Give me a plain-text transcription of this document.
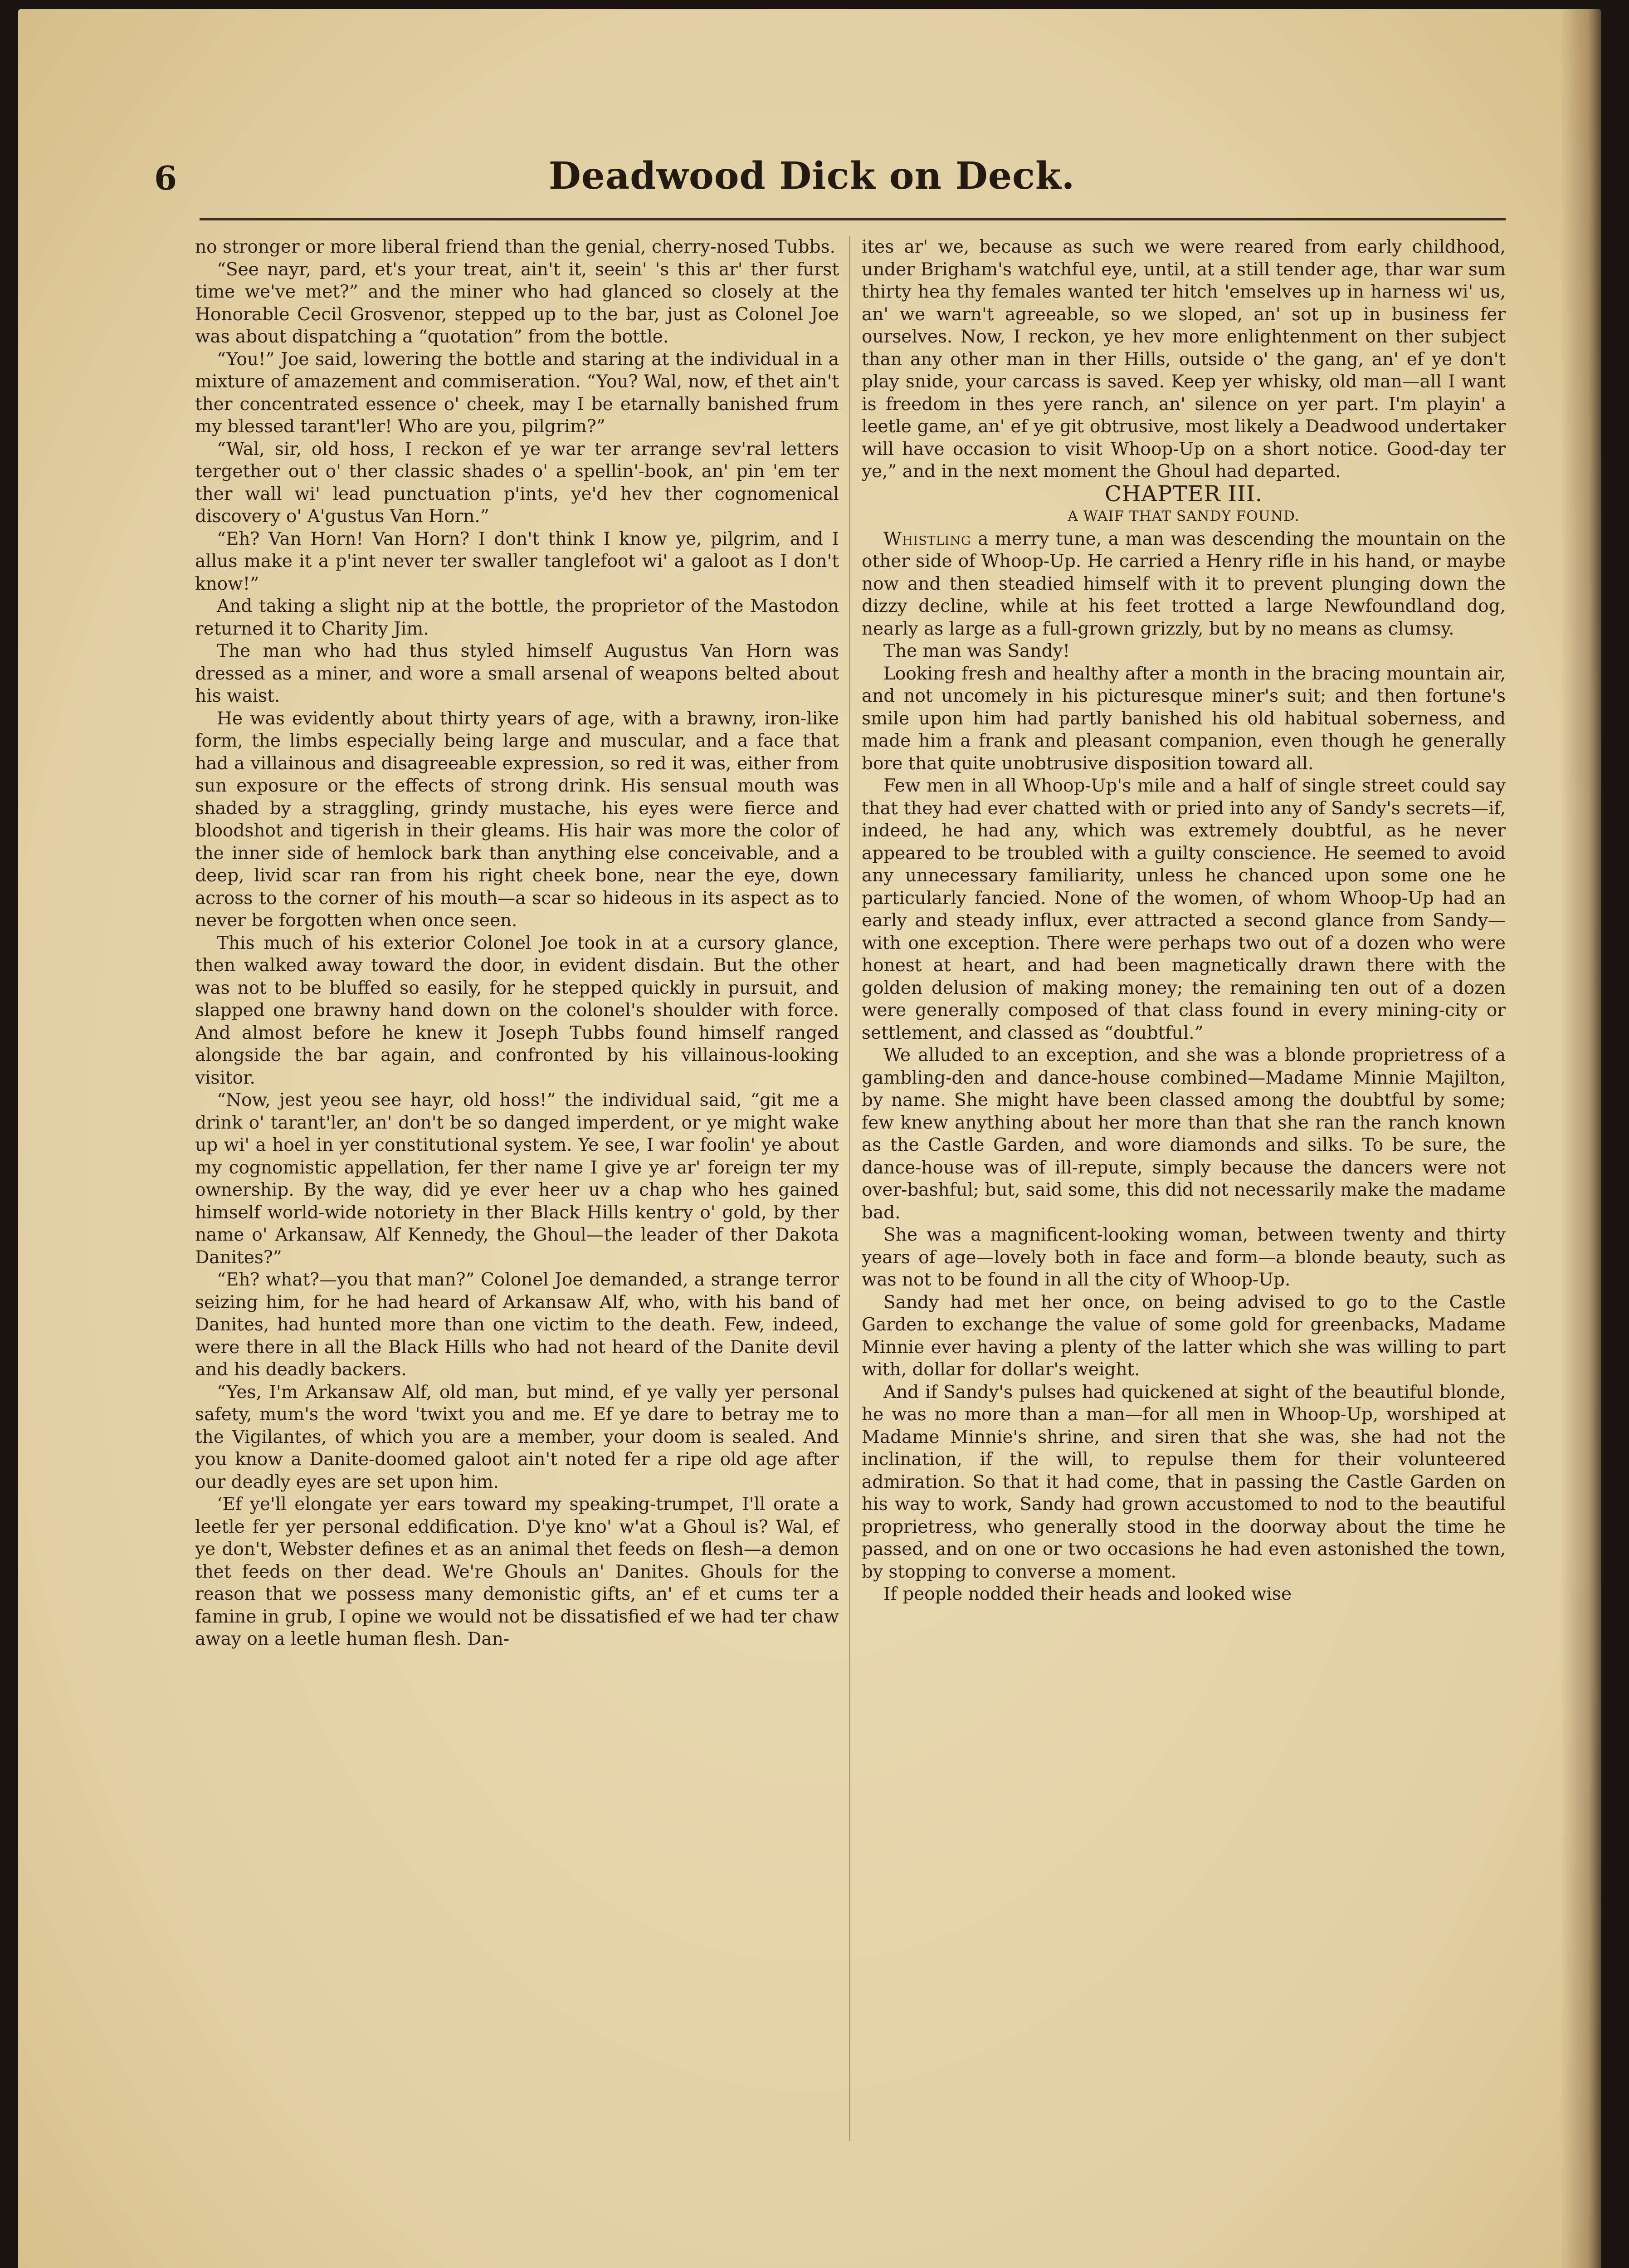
6	Deadwood Dick on Deck.

no stronger or more liberal friend than the genial, cherry-nosed Tubbs.

“See nayr, pard, et's your treat, ain't it, seein' 's this ar' ther furst time we've met?” and the miner who had glanced so closely at the Honorable Cecil Grosvenor, stepped up to the bar, just as Colonel Joe was about dispatching a “quotation” from the bottle.

“You!” Joe said, lowering the bottle and staring at the individual in a mixture of amazement and commiseration. “You? Wal, now, ef thet ain't ther concentrated essence o' cheek, may I be etarnally banished frum my blessed tarant'ler! Who are you, pilgrim?”

“Wal, sir, old hoss, I reckon ef ye war ter arrange sev'ral letters tergether out o' ther classic shades o' a spellin'-book, an' pin 'em ter ther wall wi' lead punctuation p'ints, ye'd hev ther cognomenical discovery o' A'gustus Van Horn.”

“Eh? Van Horn! Van Horn? I don't think I know ye, pilgrim, and I allus make it a p'int never ter swaller tanglefoot wi' a galoot as I don't know!”

And taking a slight nip at the bottle, the proprietor of the Mastodon returned it to Charity Jim.

The man who had thus styled himself Augustus Van Horn was dressed as a miner, and wore a small arsenal of weapons belted about his waist.

He was evidently about thirty years of age, with a brawny, iron-like form, the limbs especially being large and muscular, and a face that had a villainous and disagreeable expression, so red it was, either from sun exposure or the effects of strong drink. His sensual mouth was shaded by a straggling, grindy mustache, his eyes were fierce and bloodshot and tigerish in their gleams. His hair was more the color of the inner side of hemlock bark than anything else conceivable, and a deep, livid scar ran from his right cheek bone, near the eye, down across to the corner of his mouth—a scar so hideous in its aspect as to never be forgotten when once seen.

This much of his exterior Colonel Joe took in at a cursory glance, then walked away toward the door, in evident disdain. But the other was not to be bluffed so easily, for he stepped quickly in pursuit, and slapped one brawny hand down on the colonel's shoulder with force. And almost before he knew it Joseph Tubbs found himself ranged alongside the bar again, and confronted by his villainous-looking visitor.

“Now, jest yeou see hayr, old hoss!” the individual said, “git me a drink o' tarant'ler, an' don't be so danged imperdent, or ye might wake up wi' a hoel in yer constitutional system. Ye see, I war foolin' ye about my cognomistic appellation, fer ther name I give ye ar' foreign ter my ownership. By the way, did ye ever heer uv a chap who hes gained himself world-wide notoriety in ther Black Hills kentry o' gold, by ther name o' Arkansaw, Alf Kennedy, the Ghoul—the leader of ther Dakota Danites?”

“Eh? what?—you that man?” Colonel Joe demanded, a strange terror seizing him, for he had heard of Arkansaw Alf, who, with his band of Danites, had hunted more than one victim to the death. Few, indeed, were there in all the Black Hills who had not heard of the Danite devil and his deadly backers.

“Yes, I'm Arkansaw Alf, old man, but mind, ef ye vally yer personal safety, mum's the word 'twixt you and me. Ef ye dare to betray me to the Vigilantes, of which you are a member, your doom is sealed. And you know a Danite-doomed galoot ain't noted fer a ripe old age after our deadly eyes are set upon him.

‘Ef ye'll elongate yer ears toward my speaking-trumpet, I'll orate a leetle fer yer personal eddification. D'ye kno' w'at a Ghoul is? Wal, ef ye don't, Webster defines et as an animal thet feeds on flesh—a demon thet feeds on ther dead. We're Ghouls an' Danites. Ghouls for the reason that we possess many demonistic gifts, an' ef et cums ter a famine in grub, I opine we would not be dissatisfied ef we had ter chaw away on a leetle human flesh. Dan-

ites ar' we, because as such we were reared from early childhood, under Brigham's watchful eye, until, at a still tender age, thar war sum thirty hea thy females wanted ter hitch 'emselves up in harness wi' us, an' we warn't agreeable, so we sloped, an' sot up in business fer ourselves. Now, I reckon, ye hev more enlightenment on ther subject than any other man in ther Hills, outside o' the gang, an' ef ye don't play snide, your carcass is saved. Keep yer whisky, old man—all I want is freedom in thes yere ranch, an' silence on yer part. I'm playin' a leetle game, an' ef ye git obtrusive, most likely a Deadwood undertaker will have occasion to visit Whoop-Up on a short notice. Good-day ter ye,” and in the next moment the Ghoul had departed.

CHAPTER III.

A WAIF THAT SANDY FOUND.

Whistling a merry tune, a man was descending the mountain on the other side of Whoop-Up. He carried a Henry rifle in his hand, or maybe now and then steadied himself with it to prevent plunging down the dizzy decline, while at his feet trotted a large Newfoundland dog, nearly as large as a full-grown grizzly, but by no means as clumsy.

The man was Sandy!

Looking fresh and healthy after a month in the bracing mountain air, and not uncomely in his picturesque miner's suit; and then fortune's smile upon him had partly banished his old habitual soberness, and made him a frank and pleasant companion, even though he generally bore that quite unobtrusive disposition toward all.

Few men in all Whoop-Up's mile and a half of single street could say that they had ever chatted with or pried into any of Sandy's secrets—if, indeed, he had any, which was extremely doubtful, as he never appeared to be troubled with a guilty conscience. He seemed to avoid any unnecessary familiarity, unless he chanced upon some one he particularly fancied. None of the women, of whom Whoop-Up had an early and steady influx, ever attracted a second glance from Sandy—with one exception. There were perhaps two out of a dozen who were honest at heart, and had been magnetically drawn there with the golden delusion of making money; the remaining ten out of a dozen were generally composed of that class found in every mining-city or settlement, and classed as “doubtful.”

We alluded to an exception, and she was a blonde proprietress of a gambling-den and dance-house combined—Madame Minnie Majilton, by name. She might have been classed among the doubtful by some; few knew anything about her more than that she ran the ranch known as the Castle Garden, and wore diamonds and silks. To be sure, the dance-house was of ill-repute, simply because the dancers were not over-bashful; but, said some, this did not necessarily make the madame bad.

She was a magnificent-looking woman, between twenty and thirty years of age—lovely both in face and form—a blonde beauty, such as was not to be found in all the city of Whoop-Up.

Sandy had met her once, on being advised to go to the Castle Garden to exchange the value of some gold for greenbacks, Madame Minnie ever having a plenty of the latter which she was willing to part with, dollar for dollar's weight.

And if Sandy's pulses had quickened at sight of the beautiful blonde, he was no more than a man—for all men in Whoop-Up, worshiped at Madame Minnie's shrine, and siren that she was, she had not the inclination, if the will, to repulse them for their volunteered admiration. So that it had come, that in passing the Castle Garden on his way to work, Sandy had grown accustomed to nod to the beautiful proprietress, who generally stood in the doorway about the time he passed, and on one or two occasions he had even astonished the town, by stopping to converse a moment.

If people nodded their heads and looked wise
